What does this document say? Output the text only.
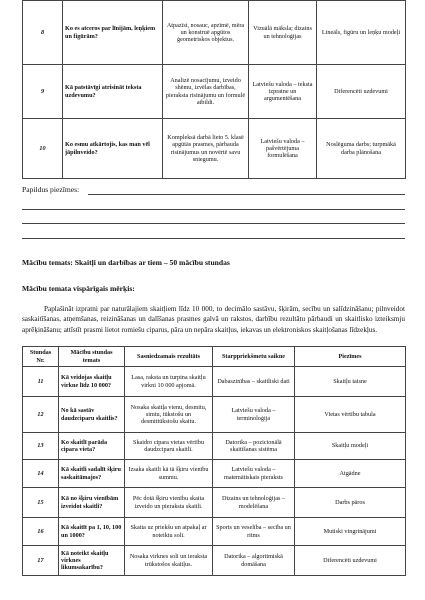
8	Ko es atceros par līnijām, leņķiem un figūrām?	Atpazīst, nosauc, apzīmē, mēra un konstruē apgūtos ģeometriskos objektus.	Vizuālā māksla; dizains un tehnoloģijas	Lineāls, figūru un leņķu modeļi
9	Kā patstāvīgi atrisināt teksta uzdevumu?	Analizē nosacījumu, izveido shēmu, izvēlas darbības, pieraksta risinājumu un formulē atbildi.	Latviešu valoda – teksta izpratne un argumentēšana	Diferencēti uzdevumi
10	Ko esmu atkārtojis, kas man vēl jāpilnveido?	Kompleksā darbā lieto 5. klasē apgūtās prasmes, pārbauda risinājumus un novērtē savu sniegumu.	Latviešu valoda – pašvērtējuma formulēšana	Noslēguma darbs; turpmākā darba plānošana
Papildus piezīmes:
Mācību temats: Skaitļi un darbības ar tiem – 50 mācību stundas
Mācību temata vispārīgais mērķis:
Paplašināt izpratni par naturālajiem skaitļiem līdz 10 000, to decimālo sastāvu, šķirām, secību un salīdzināšanu; pilnveidot saskaitīšanas, atņemšanas, reizināšanas un dalīšanas prasmes galvā un rakstos, darbību rezultātu pārbaudi un skaitlisko izteiksmju aprēķināšanu; attīstīt prasmi lietot romiešu ciparus, pāra un nepāra skaitļus, iekavas un elektroniskos skaitļošanas līdzekļus.
Stundas Nr.	Mācību stundas temats	Sasniedzamais rezultāts	Starppriekšmetu saikne	Piezīmes
11	Kā veidojas skaitļu virkne līdz 10 000?	Lasa, raksta un turpina skaitļu virkni 10 000 apjomā.	Dabaszinības – skaitliski dati	Skaitļu taisne
12	No kā sastāv daudzciparu skaitlis?	Nosaka skaitļa vienu, desmitu, simtu, tūkstošu un desmittūkstošu skaitu.	Latviešu valoda – terminoloģija	Vietas vērtību tabula
13	Ko skaitlī parāda cipara vieta?	Skaidro cipara vietas vērtību daudzciparu skaitlī.	Datorika – pozicionālā skaitīšanas sistēma	Skaitļu modeļi
14	Kā skaitli sadalīt šķiru saskaitāmajos?	Izsaka skaitli kā tā šķiru vienību summu.	Latviešu valoda – matemātiskais pieraksts	Atgādne
15	Kā no šķiru vienībām izveidot skaitli?	Pēc dotā šķiru vienību skaita izveido un pieraksta skaitli.	Dizains un tehnoloģijas – modelēšana	Darbs pāros
16	Kā skaitīt pa 1, 10, 100 un 1000?	Skaita uz priekšu un atpakaļ ar noteiktu soli.	Sports un veselība – secība un ritms	Mutiski vingrinājumi
17	Kā noteikt skaitļu virknes likumsakarību?	Nosaka virknes soli un ieraksta trūkstošos skaitļus.	Datorika – algoritmiskā domāšana	Diferencēti uzdevumi
